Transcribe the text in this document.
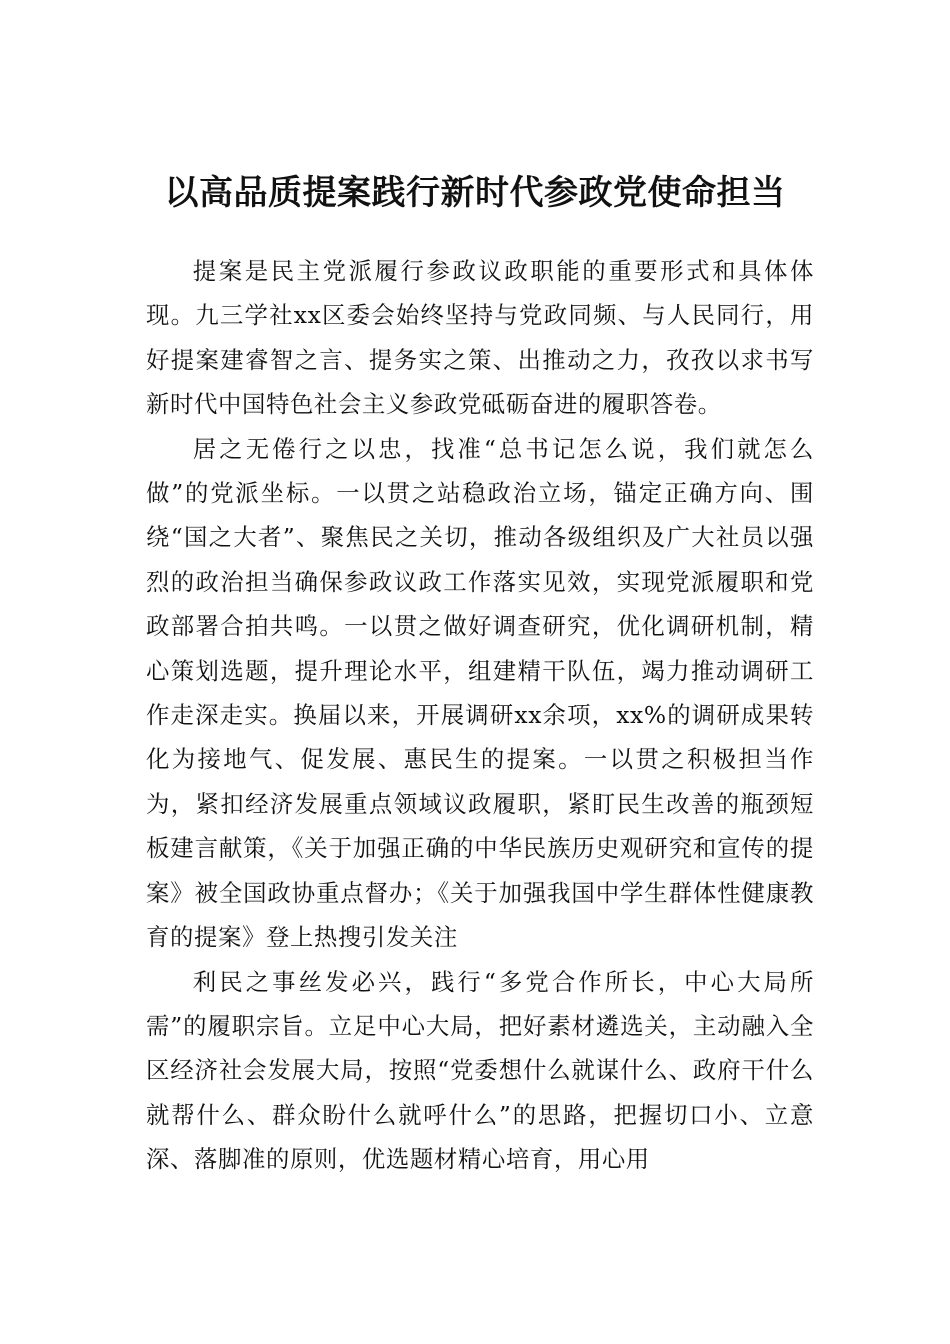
以高品质提案践行新时代参政党使命担当

提案是民主党派履行参政议政职能的重要形式和具体体现。九三学社xx区委会始终坚持与党政同频、与人民同行，用好提案建睿智之言、提务实之策、出推动之力，孜孜以求书写新时代中国特色社会主义参政党砥砺奋进的履职答卷。

居之无倦行之以忠，找准“总书记怎么说，我们就怎么做”的党派坐标。一以贯之站稳政治立场，锚定正确方向、围绕“国之大者”、聚焦民之关切，推动各级组织及广大社员以强烈的政治担当确保参政议政工作落实见效，实现党派履职和党政部署合拍共鸣。一以贯之做好调查研究，优化调研机制，精心策划选题，提升理论水平，组建精干队伍，竭力推动调研工作走深走实。换届以来，开展调研xx余项，xx%的调研成果转化为接地气、促发展、惠民生的提案。一以贯之积极担当作为，紧扣经济发展重点领域议政履职，紧盯民生改善的瓶颈短板建言献策，《关于加强正确的中华民族历史观研究和宣传的提案》被全国政协重点督办；《关于加强我国中学生群体性健康教育的提案》登上热搜引发关注

利民之事丝发必兴，践行“多党合作所长，中心大局所需”的履职宗旨。立足中心大局，把好素材遴选关，主动融入全区经济社会发展大局，按照“党委想什么就谋什么、政府干什么就帮什么、群众盼什么就呼什么”的思路，把握切口小、立意深、落脚准的原则，优选题材精心培育，用心用
